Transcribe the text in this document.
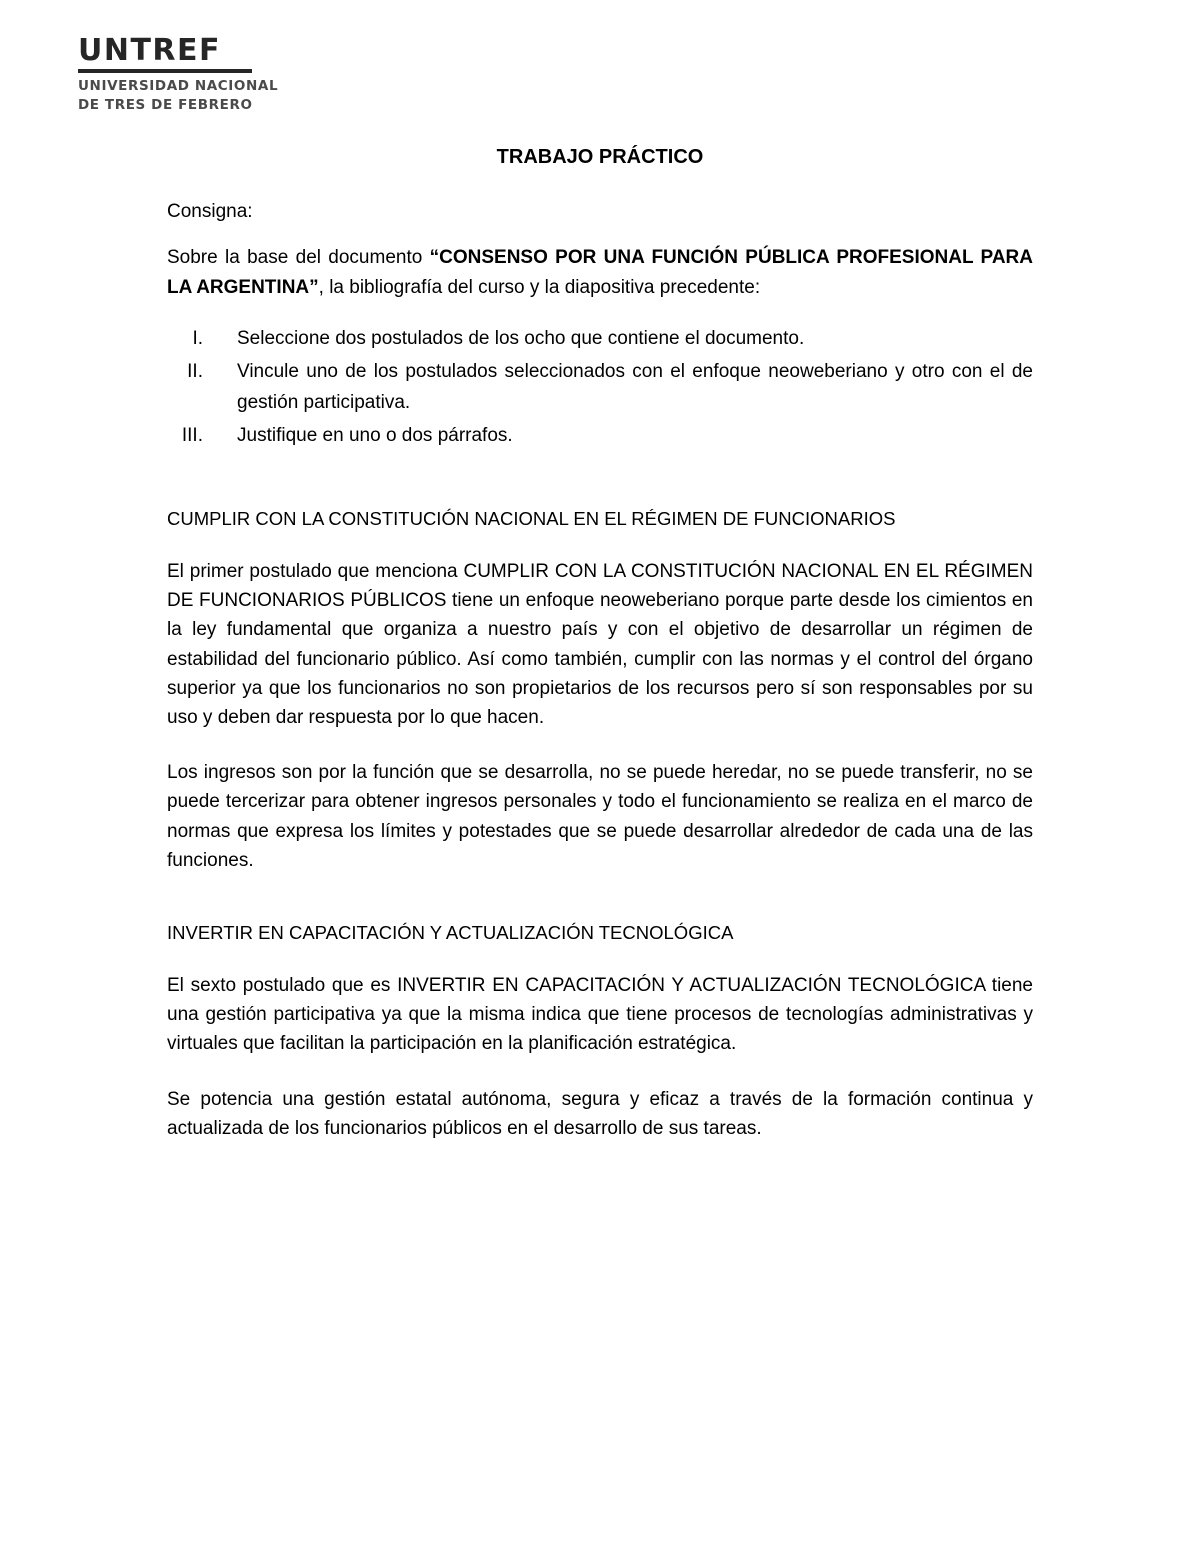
UNTREF
UNIVERSIDAD NACIONAL
DE TRES DE FEBRERO

TRABAJO PRÁCTICO

Consigna:

Sobre la base del documento “CONSENSO POR UNA FUNCIÓN PÚBLICA PROFESIONAL PARA LA ARGENTINA”, la bibliografía del curso y la diapositiva precedente:

I. Seleccione dos postulados de los ocho que contiene el documento.
II. Vincule uno de los postulados seleccionados con el enfoque neoweberiano y otro con el de gestión participativa.
III. Justifique en uno o dos párrafos.

CUMPLIR CON LA CONSTITUCIÓN NACIONAL EN EL RÉGIMEN DE FUNCIONARIOS

El primer postulado que menciona CUMPLIR CON LA CONSTITUCIÓN NACIONAL EN EL RÉGIMEN DE FUNCIONARIOS PÚBLICOS tiene un enfoque neoweberiano porque parte desde los cimientos en la ley fundamental que organiza a nuestro país y con el objetivo de desarrollar un régimen de estabilidad del funcionario público. Así como también, cumplir con las normas y el control del órgano superior ya que los funcionarios no son propietarios de los recursos pero sí son responsables por su uso y deben dar respuesta por lo que hacen.

Los ingresos son por la función que se desarrolla, no se puede heredar, no se puede transferir, no se puede tercerizar para obtener ingresos personales y todo el funcionamiento se realiza en el marco de normas que expresa los límites y potestades que se puede desarrollar alrededor de cada una de las funciones.

INVERTIR EN CAPACITACIÓN Y ACTUALIZACIÓN TECNOLÓGICA

El sexto postulado que es INVERTIR EN CAPACITACIÓN Y ACTUALIZACIÓN TECNOLÓGICA tiene una gestión participativa ya que la misma indica que tiene procesos de tecnologías administrativas y virtuales que facilitan la participación en la planificación estratégica.

Se potencia una gestión estatal autónoma, segura y eficaz a través de la formación continua y actualizada de los funcionarios públicos en el desarrollo de sus tareas.
